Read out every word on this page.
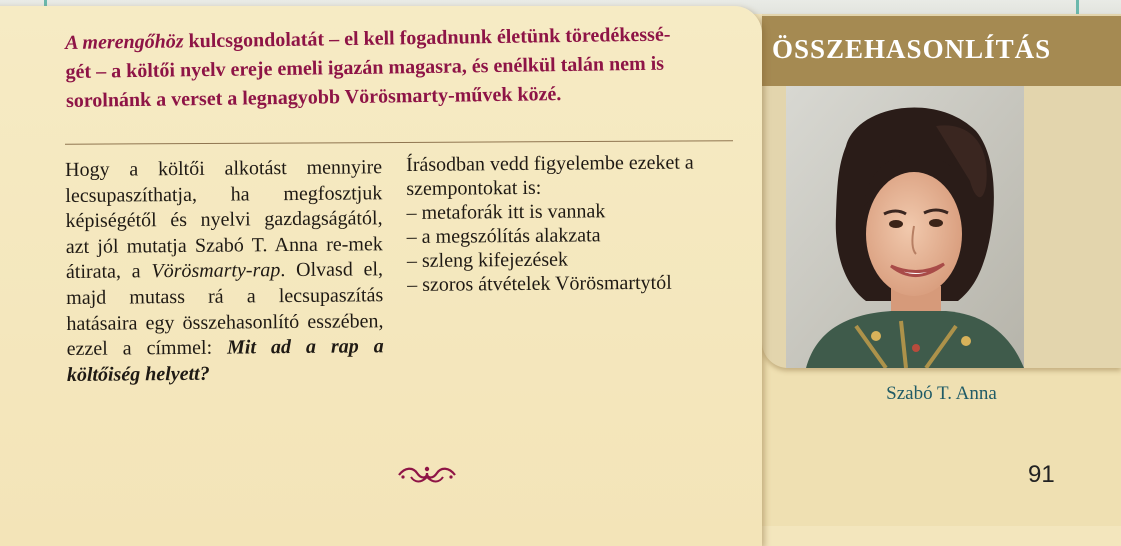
ÖSSZEHASONLÍTÁS
Szabó T. Anna
A merengőhöz kulcsgondolatát – el kell fogadnunk életünk töredékessé-
gét – a költői nyelv ereje emeli igazán magasra, és enélkül talán nem is
sorolnánk a verset a legnagyobb Vörösmarty-művek közé.
Hogy a költői alkotást mennyire lecsupaszíthatja, ha megfosztjuk képiségétől és nyelvi gazdagságától, azt jól mutatja Szabó T. Anna re-mek átirata, a Vörösmarty-rap. Olvasd el, majd mutass rá a lecsupaszítás hatásaira egy összehasonlító esszében, ezzel a címmel: Mit ad a rap a költőiség helyett?
Írásodban vedd figyelembe ezeket a
szempontokat is:
– metaforák itt is vannak
– a megszólítás alakzata
– szleng kifejezések
– szoros átvételek Vörösmartytól
91
